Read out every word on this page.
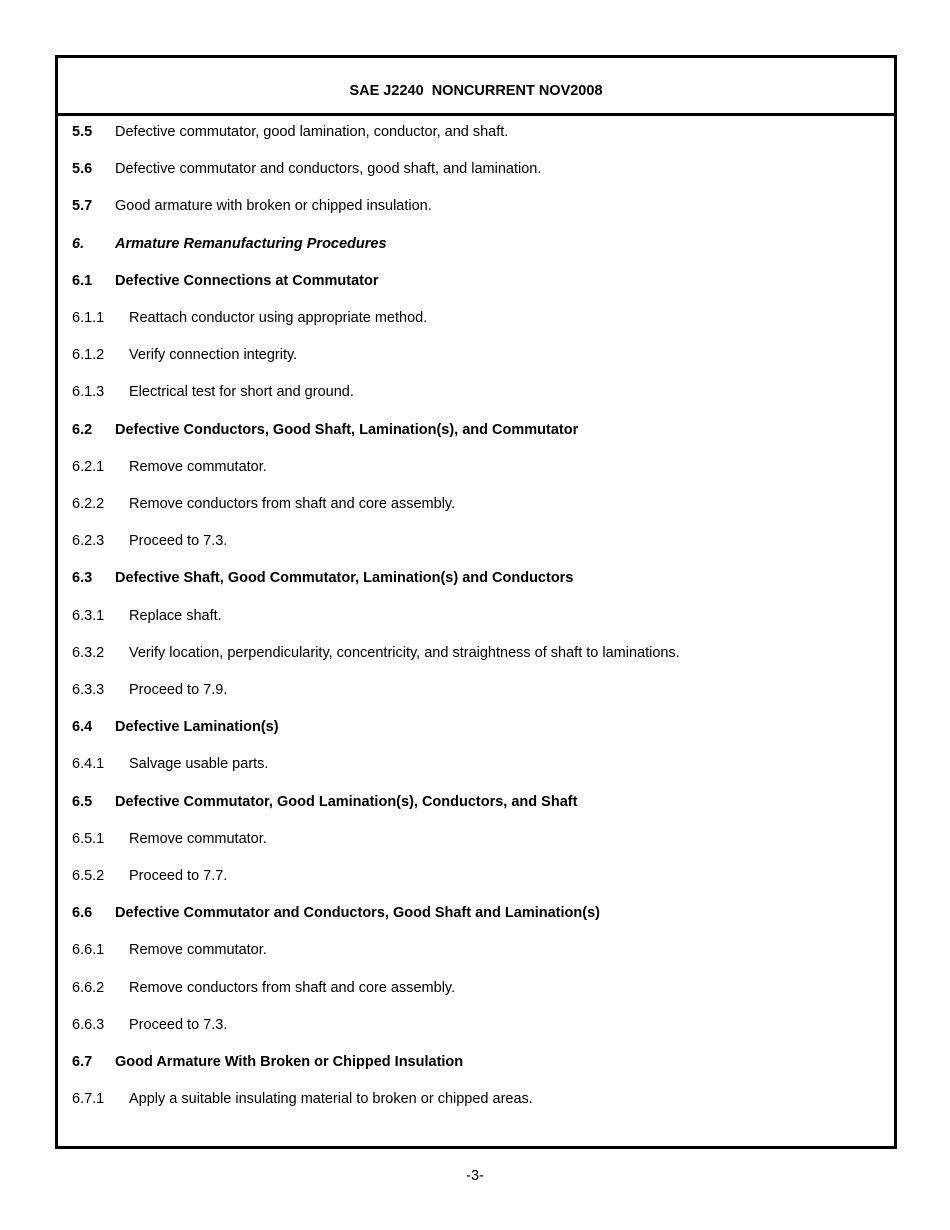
SAE J2240  NONCURRENT NOV2008
5.5 Defective commutator, good lamination, conductor, and shaft.
5.6 Defective commutator and conductors, good shaft, and lamination.
5.7 Good armature with broken or chipped insulation.
6. Armature Remanufacturing Procedures
6.1 Defective Connections at Commutator
6.1.1 Reattach conductor using appropriate method.
6.1.2 Verify connection integrity.
6.1.3 Electrical test for short and ground.
6.2 Defective Conductors, Good Shaft, Lamination(s), and Commutator
6.2.1 Remove commutator.
6.2.2 Remove conductors from shaft and core assembly.
6.2.3 Proceed to 7.3.
6.3 Defective Shaft, Good Commutator, Lamination(s) and Conductors
6.3.1 Replace shaft.
6.3.2 Verify location, perpendicularity, concentricity, and straightness of shaft to laminations.
6.3.3 Proceed to 7.9.
6.4 Defective Lamination(s)
6.4.1 Salvage usable parts.
6.5 Defective Commutator, Good Lamination(s), Conductors, and Shaft
6.5.1 Remove commutator.
6.5.2 Proceed to 7.7.
6.6 Defective Commutator and Conductors, Good Shaft and Lamination(s)
6.6.1 Remove commutator.
6.6.2 Remove conductors from shaft and core assembly.
6.6.3 Proceed to 7.3.
6.7 Good Armature With Broken or Chipped Insulation
6.7.1 Apply a suitable insulating material to broken or chipped areas.
-3-
